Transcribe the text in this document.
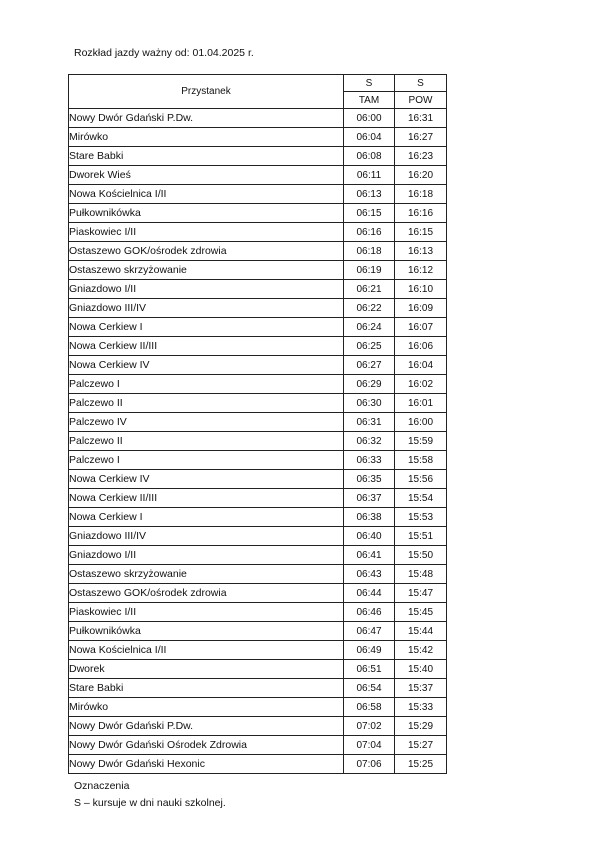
Rozkład jazdy ważny od: 01.04.2025 r.
Przystanek	S	S
	TAM	POW
Nowy Dwór Gdański P.Dw.	06:00	16:31
Mirówko	06:04	16:27
Stare Babki	06:08	16:23
Dworek Wieś	06:11	16:20
Nowa Kościelnica I/II	06:13	16:18
Pułkownikówka	06:15	16:16
Piaskowiec I/II	06:16	16:15
Ostaszewo GOK/ośrodek zdrowia	06:18	16:13
Ostaszewo skrzyżowanie	06:19	16:12
Gniazdowo I/II	06:21	16:10
Gniazdowo III/IV	06:22	16:09
Nowa Cerkiew I	06:24	16:07
Nowa Cerkiew II/III	06:25	16:06
Nowa Cerkiew IV	06:27	16:04
Palczewo I	06:29	16:02
Palczewo II	06:30	16:01
Palczewo IV	06:31	16:00
Palczewo II	06:32	15:59
Palczewo I	06:33	15:58
Nowa Cerkiew IV	06:35	15:56
Nowa Cerkiew II/III	06:37	15:54
Nowa Cerkiew I	06:38	15:53
Gniazdowo III/IV	06:40	15:51
Gniazdowo I/II	06:41	15:50
Ostaszewo skrzyżowanie	06:43	15:48
Ostaszewo GOK/ośrodek zdrowia	06:44	15:47
Piaskowiec I/II	06:46	15:45
Pułkownikówka	06:47	15:44
Nowa Kościelnica I/II	06:49	15:42
Dworek	06:51	15:40
Stare Babki	06:54	15:37
Mirówko	06:58	15:33
Nowy Dwór Gdański P.Dw.	07:02	15:29
Nowy Dwór Gdański Ośrodek Zdrowia	07:04	15:27
Nowy Dwór Gdański Hexonic	07:06	15:25
Oznaczenia
S – kursuje w dni nauki szkolnej.
